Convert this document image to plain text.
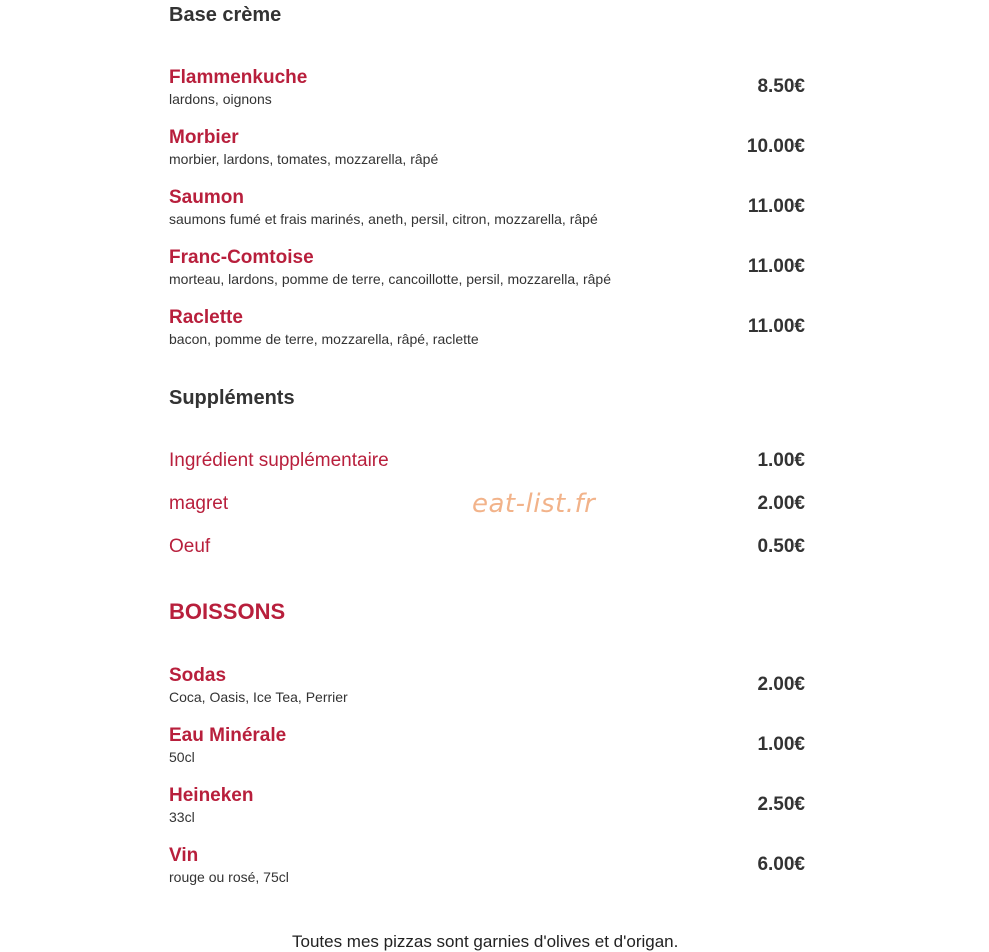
Base crème
Flammenkuche
lardons, oignons
8.50€
Morbier
morbier, lardons, tomates, mozzarella, râpé
10.00€
Saumon
saumons fumé et frais marinés, aneth, persil, citron, mozzarella, râpé
11.00€
Franc-Comtoise
morteau, lardons, pomme de terre, cancoillotte, persil, mozzarella, râpé
11.00€
Raclette
bacon, pomme de terre, mozzarella, râpé, raclette
11.00€
Suppléments
Ingrédient supplémentaire	1.00€
magret	2.00€
Oeuf	0.50€
BOISSONS
Sodas
Coca, Oasis, Ice Tea, Perrier
2.00€
Eau Minérale
50cl
1.00€
Heineken
33cl
2.50€
Vin
rouge ou rosé, 75cl
6.00€
eat-list.fr
Toutes mes pizzas sont garnies d'olives et d'origan.
